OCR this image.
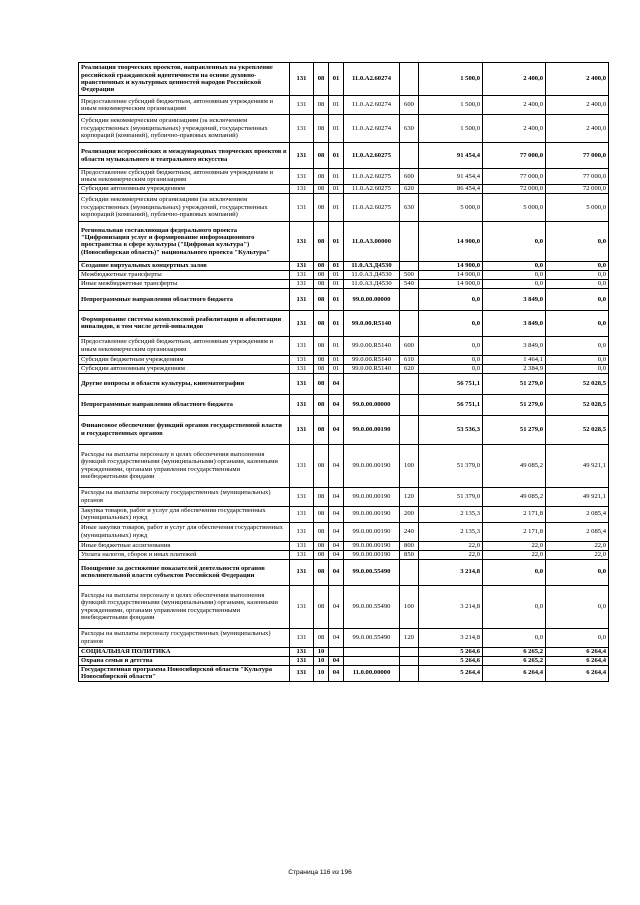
Реализация творческих проектов, направленных на укрепление российской гражданской идентичности на основе духовно-нравственных и культурных ценностей народов Российской Федерации	131	08	01	11.0.А2.60274		1 500,0	2 400,0	2 400,0
Предоставление субсидий бюджетным, автономным учреждениям и иным некоммерческим организациям	131	08	01	11.0.А2.60274	600	1 500,0	2 400,0	2 400,0
Субсидии некоммерческим организациям (за исключением государственных (муниципальных) учреждений, государственных корпораций (компаний), публично-правовых компаний)	131	08	01	11.0.А2.60274	630	1 500,0	2 400,0	2 400,0
Реализация всероссийских и международных творческих проектов в области музыкального и театрального искусства	131	08	01	11.0.А2.60275		91 454,4	77 000,0	77 000,0
Предоставление субсидий бюджетным, автономным учреждениям и иным некоммерческим организациям	131	08	01	11.0.А2.60275	600	91 454,4	77 000,0	77 000,0
Субсидии автономным учреждениям	131	08	01	11.0.А2.60275	620	86 454,4	72 000,0	72 000,0
Субсидии некоммерческим организациям (за исключением государственных (муниципальных) учреждений, государственных корпораций (компаний), публично-правовых компаний)	131	08	01	11.0.А2.60275	630	5 000,0	5 000,0	5 000,0
Региональная составляющая федерального проекта "Цифровизация услуг и формирование информационного пространства в сфере культуры ("Цифровая культура") (Новосибирская область)" национального проекта "Культура"	131	08	01	11.0.А3.00000		14 900,0	0,0	0,0
Создание виртуальных концертных залов	131	08	01	11.0.А3.Д4530		14 900,0	0,0	0,0
Межбюджетные трансферты	131	08	01	11.0.А3.Д4530	500	14 900,0	0,0	0,0
Иные межбюджетные трансферты	131	08	01	11.0.А3.Д4530	540	14 900,0	0,0	0,0
Непрограммные направления областного бюджета	131	08	01	99.0.00.00000		0,0	3 849,0	0,0
Формирование системы комплексной реабилитации и абилитации инвалидов, в том числе детей-инвалидов	131	08	01	99.0.00.R5140		0,0	3 849,0	0,0
Предоставление субсидий бюджетным, автономным учреждениям и иным некоммерческим организациям	131	08	01	99.0.00.R5140	600	0,0	3 849,0	0,0
Субсидии бюджетным учреждениям	131	08	01	99.0.00.R5140	610	0,0	1 464,1	0,0
Субсидии автономным учреждениям	131	08	01	99.0.00.R5140	620	0,0	2 384,9	0,0
Другие вопросы в области культуры, кинематографии	131	08	04			56 751,1	51 279,0	52 028,5
Непрограммные направления областного бюджета	131	08	04	99.0.00.00000		56 751,1	51 279,0	52 028,5
Финансовое обеспечение функций органов государственной власти и государственных органов	131	08	04	99.0.00.00190		53 536,3	51 279,0	52 028,5
Расходы на выплаты персоналу в целях обеспечения выполнения функций государственными (муниципальными) органами, казенными учреждениями, органами управления государственными внебюджетными фондами	131	08	04	99.0.00.00190	100	51 379,0	49 085,2	49 921,1
Расходы на выплаты персоналу государственных (муниципальных) органов	131	08	04	99.0.00.00190	120	51 379,0	49 085,2	49 921,1
Закупка товаров, работ и услуг для обеспечения государственных (муниципальных) нужд	131	08	04	99.0.00.00190	200	2 135,3	2 171,8	2 085,4
Иные закупки товаров, работ и услуг для обеспечения государственных (муниципальных) нужд	131	08	04	99.0.00.00190	240	2 135,3	2 171,8	2 085,4
Иные бюджетные ассигнования	131	08	04	99.0.00.00190	800	22,0	22,0	22,0
Уплата налогов, сборов и иных платежей	131	08	04	99.0.00.00190	850	22,0	22,0	22,0
Поощрение за достижение показателей деятельности органов исполнительной власти субъектов Российской Федерации	131	08	04	99.0.00.55490		3 214,8	0,0	0,0
Расходы на выплаты персоналу в целях обеспечения выполнения функций государственными (муниципальными) органами, казенными учреждениями, органами управления государственными внебюджетными фондами	131	08	04	99.0.00.55490	100	3 214,8	0,0	0,0
Расходы на выплаты персоналу государственных (муниципальных) органов	131	08	04	99.0.00.55490	120	3 214,8	0,0	0,0
СОЦИАЛЬНАЯ ПОЛИТИКА	131	10				5 264,6	6 265,2	6 264,4
Охрана семьи и детства	131	10	04			5 264,6	6 265,2	6 264,4
Государственная программа Новосибирской области "Культура Новосибирской области"	131	10	04	11.0.00.00000		5 264,4	6 264,4	6 264,4
Страница 116 из 196
